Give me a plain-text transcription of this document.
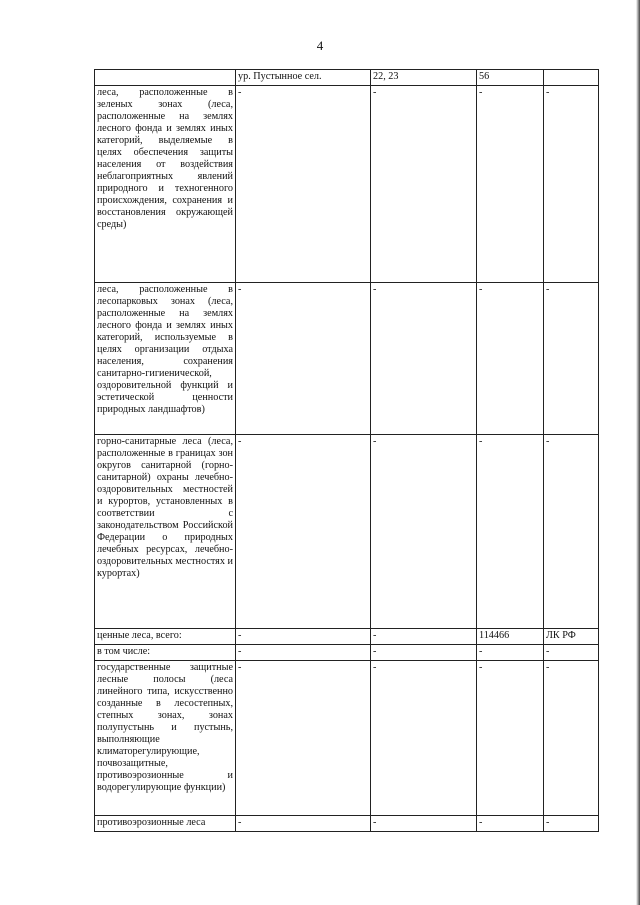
4
	ур. Пустынное сел.	22, 23	56	
леса, расположенные в зеленых зонах (леса, расположенные на землях лесного фонда и землях иных категорий, выделяемые в целях обеспечения защиты населения от воздействия неблагоприятных явлений природного и техногенного происхождения, сохранения и восстановления окружающей среды)	-	-	-	-
леса, расположенные в лесопарковых зонах (леса, расположенные на землях лесного фонда и землях иных категорий, используемые в целях организации отдыха населения, сохранения санитарно-гигиенической, оздоровительной функций и эстетической ценности природных ландшафтов)	-	-	-	-
горно-санитарные леса (леса, расположенные в границах зон округов санитарной (горно-санитарной) охраны лечебно-оздоровительных местностей и курортов, установленных в соответствии с законодательством Российской Федерации о природных лечебных ресурсах, лечебно-оздоровительных местностях и курортах)	-	-	-	-
ценные леса, всего:	-	-	114466	ЛК РФ
в том числе:	-	-	-	-
государственные защитные лесные полосы (леса линейного типа, искусственно созданные в лесостепных, степных зонах, зонах полупустынь и пустынь, выполняющие климаторегулирующие, почвозащитные, противоэрозионные и водорегулирующие функции)	-	-	-	-
противоэрозионные леса	-	-	-	-
